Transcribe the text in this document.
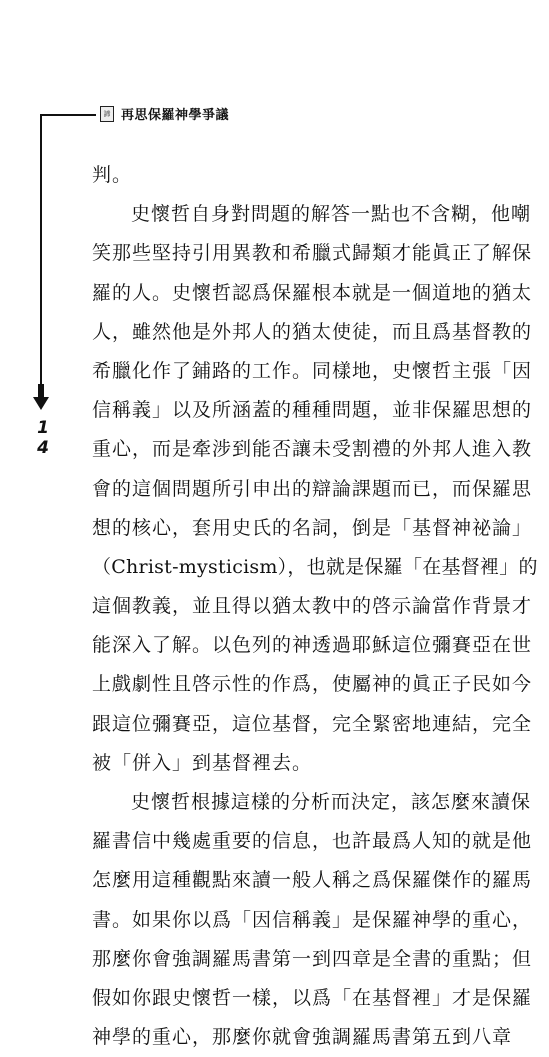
諦 再思保羅神學爭議
1
4
判。
史懷哲自身對問題的解答一點也不含糊，他嘲
笑那些堅持引用異教和希臘式歸類才能眞正了解保
羅的人。史懷哲認爲保羅根本就是一個道地的猶太
人，雖然他是外邦人的猶太使徒，而且爲基督教的
希臘化作了鋪路的工作。同樣地，史懷哲主張「因
信稱義」以及所涵蓋的種種問題，並非保羅思想的
重心，而是牽涉到能否讓未受割禮的外邦人進入教
會的這個問題所引申出的辯論課題而已，而保羅思
想的核心，套用史氏的名詞，倒是「基督神祕論」
（Christ-mysticism），也就是保羅「在基督裡」的
這個教義，並且得以猶太教中的啓示論當作背景才
能深入了解。以色列的神透過耶穌這位彌賽亞在世
上戲劇性且啓示性的作爲，使屬神的眞正子民如今
跟這位彌賽亞，這位基督，完全緊密地連結，完全
被「併入」到基督裡去。
史懷哲根據這樣的分析而決定，該怎麼來讀保
羅書信中幾處重要的信息，也許最爲人知的就是他
怎麼用這種觀點來讀一般人稱之爲保羅傑作的羅馬
書。如果你以爲「因信稱義」是保羅神學的重心，
那麼你會強調羅馬書第一到四章是全書的重點；但
假如你跟史懷哲一樣，以爲「在基督裡」才是保羅
神學的重心，那麼你就會強調羅馬書第五到八章
